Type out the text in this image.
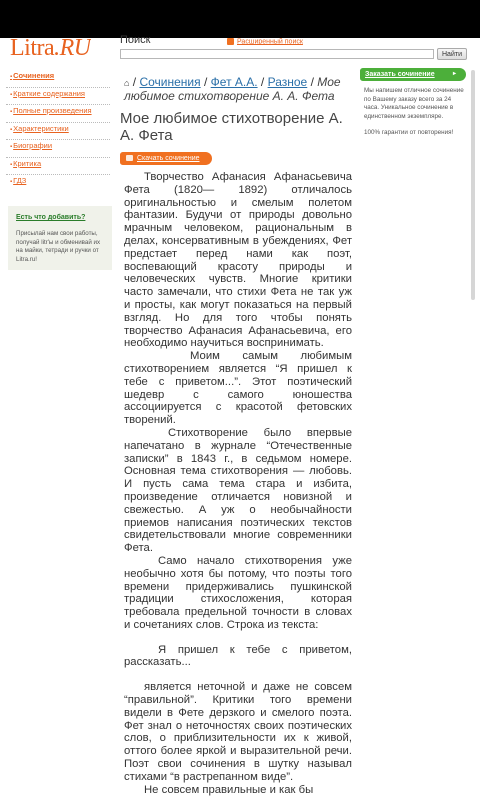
Litra.RU	Поиск	Расширенный поиск
Найти
▪Сочинения
▪Краткие содержания
▪Полные произведения
▪Характеристики
▪Биографии
▪Критика
▪ГДЗ
Есть что добавить?
Присылай нам свои работы, получай litr'ы и обменивай их на майки, тетради и ручки от Litra.ru!
⌂ / Сочинения / Фет А.А. / Разное / Мое любимое стихотворение А. А. Фета
Мое любимое стихотворение А. А. Фета
Скачать сочинение

Творчество Афанасия Афанасьевича Фета (1820— 1892) отличалось оригинальностью и смелым полетом фантазии. Будучи от природы довольно мрачным человеком, рациональным в делах, консервативным в убеждениях, Фет предстает перед нами как поэт, воспевающий красоту природы и человеческих чувств. Многие критики часто замечали, что стихи Фета не так уж и просты, как могут показаться на первый взгляд. Но для того чтобы понять творчество Афанасия Афанасьевича, его необходимо научиться воспринимать.

Моим самым любимым стихотворением является “Я пришел к тебе с приветом...”. Этот поэтический шедевр с самого юношества ассоциируется с красотой фетовских творений.

Стихотворение было впервые напечатано в журнале “Отечественные записки” в 1843 г., в седьмом номере. Основная тема стихотворения — любовь. И пусть сама тема стара и избита, произведение отличается новизной и свежестью. А уж о необычайности приемов написания поэтических текстов свидетельствовали многие современники Фета.

Само начало стихотворения уже необычно хотя бы потому, что поэты того времени придерживались пушкинской традиции стихосложения, которая требовала предельной точности в словах и сочетаниях слов. Строка из текста:

Я пришел к тебе с приветом, рассказать...

является неточной и даже не совсем “правильной”. Критики того времени видели в Фете дерзкого и смелого поэта. Фет знал о неточностях своих поэтических слов, о приблизительности их к живой, оттого более яркой и выразительной речи. Поэт свои сочинения в шутку называл стихами “в растрепанном виде”.

Не совсем правильные и как бы

Заказать сочинение	▸
Мы напишем отличное сочинение по Вашему заказу всего за 24 часа. Уникальное сочинение в единственном экземпляре.
100% гарантии от повторения!
